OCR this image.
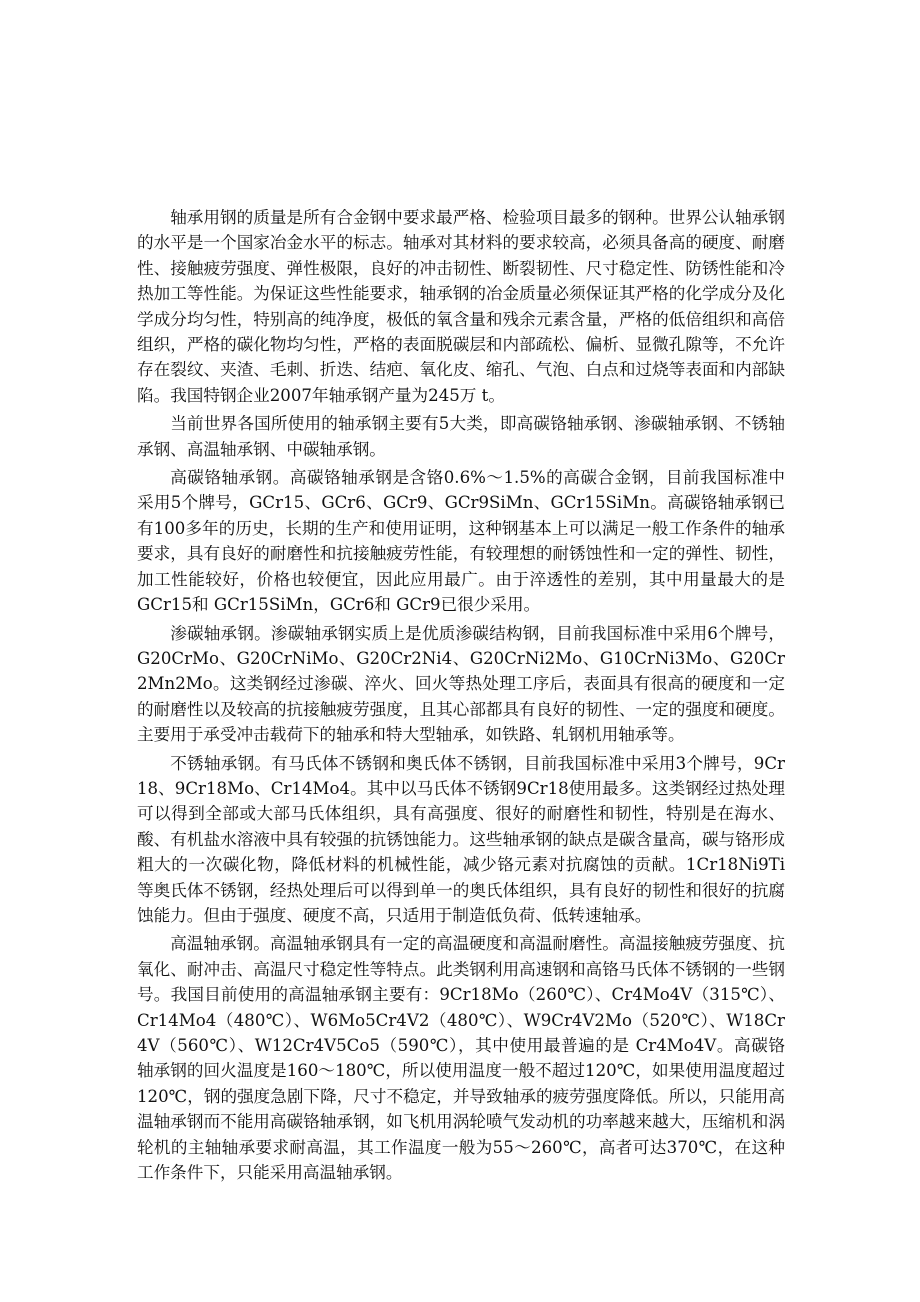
轴承用钢的质量是所有合金钢中要求最严格、检验项目最多的钢种。世界公认轴承钢的水平是一个国家冶金水平的标志。轴承对其材料的要求较高，必须具备高的硬度、耐磨性、接触疲劳强度、弹性极限，良好的冲击韧性、断裂韧性、尺寸稳定性、防锈性能和冷热加工等性能。为保证这些性能要求，轴承钢的冶金质量必须保证其严格的化学成分及化学成分均匀性，特别高的纯净度，极低的氧含量和残余元素含量，严格的低倍组织和高倍组织，严格的碳化物均匀性，严格的表面脱碳层和内部疏松、偏析、显微孔隙等，不允许存在裂纹、夹渣、毛刺、折迭、结疤、氧化皮、缩孔、气泡、白点和过烧等表面和内部缺陷。我国特钢企业2007年轴承钢产量为245万 t。

当前世界各国所使用的轴承钢主要有5大类，即高碳铬轴承钢、渗碳轴承钢、不锈轴承钢、高温轴承钢、中碳轴承钢。

高碳铬轴承钢。高碳铬轴承钢是含铬0.6%～1.5%的高碳合金钢，目前我国标准中采用5个牌号，GCr15、GCr6、GCr9、GCr9SiMn、GCr15SiMn。高碳铬轴承钢已有100多年的历史，长期的生产和使用证明，这种钢基本上可以满足一般工作条件的轴承要求，具有良好的耐磨性和抗接触疲劳性能，有较理想的耐锈蚀性和一定的弹性、韧性，加工性能较好，价格也较便宜，因此应用最广。由于淬透性的差别，其中用量最大的是 GCr15和 GCr15SiMn，GCr6和 GCr9已很少采用。

渗碳轴承钢。渗碳轴承钢实质上是优质渗碳结构钢，目前我国标准中采用6个牌号，G20CrMo、G20CrNiMo、G20Cr2Ni4、G20CrNi2Mo、G10CrNi3Mo、G20Cr2Mn2Mo。这类钢经过渗碳、淬火、回火等热处理工序后，表面具有很高的硬度和一定的耐磨性以及较高的抗接触疲劳强度，且其心部都具有良好的韧性、一定的强度和硬度。主要用于承受冲击载荷下的轴承和特大型轴承，如铁路、轧钢机用轴承等。

不锈轴承钢。有马氏体不锈钢和奥氏体不锈钢，目前我国标准中采用3个牌号，9Cr18、9Cr18Mo、Cr14Mo4。其中以马氏体不锈钢9Cr18使用最多。这类钢经过热处理可以得到全部或大部马氏体组织，具有高强度、很好的耐磨性和韧性，特别是在海水、酸、有机盐水溶液中具有较强的抗锈蚀能力。这些轴承钢的缺点是碳含量高，碳与铬形成粗大的一次碳化物，降低材料的机械性能，减少铬元素对抗腐蚀的贡献。1Cr18Ni9Ti 等奥氏体不锈钢，经热处理后可以得到单一的奥氏体组织，具有良好的韧性和很好的抗腐蚀能力。但由于强度、硬度不高，只适用于制造低负荷、低转速轴承。

高温轴承钢。高温轴承钢具有一定的高温硬度和高温耐磨性。高温接触疲劳强度、抗氧化、耐冲击、高温尺寸稳定性等特点。此类钢利用高速钢和高铬马氏体不锈钢的一些钢号。我国目前使用的高温轴承钢主要有：9Cr18Mo（260℃）、Cr4Mo4V（315℃）、Cr14Mo4（480℃）、W6Mo5Cr4V2（480℃）、W9Cr4V2Mo（520℃）、W18Cr4V（560℃）、W12Cr4V5Co5（590℃），其中使用最普遍的是 Cr4Mo4V。高碳铬轴承钢的回火温度是160～180℃，所以使用温度一般不超过120℃，如果使用温度超过120℃，钢的强度急剧下降，尺寸不稳定，并导致轴承的疲劳强度降低。所以，只能用高温轴承钢而不能用高碳铬轴承钢，如飞机用涡轮喷气发动机的功率越来越大，压缩机和涡轮机的主轴轴承要求耐高温，其工作温度一般为55～260℃，高者可达370℃，在这种工作条件下，只能采用高温轴承钢。
